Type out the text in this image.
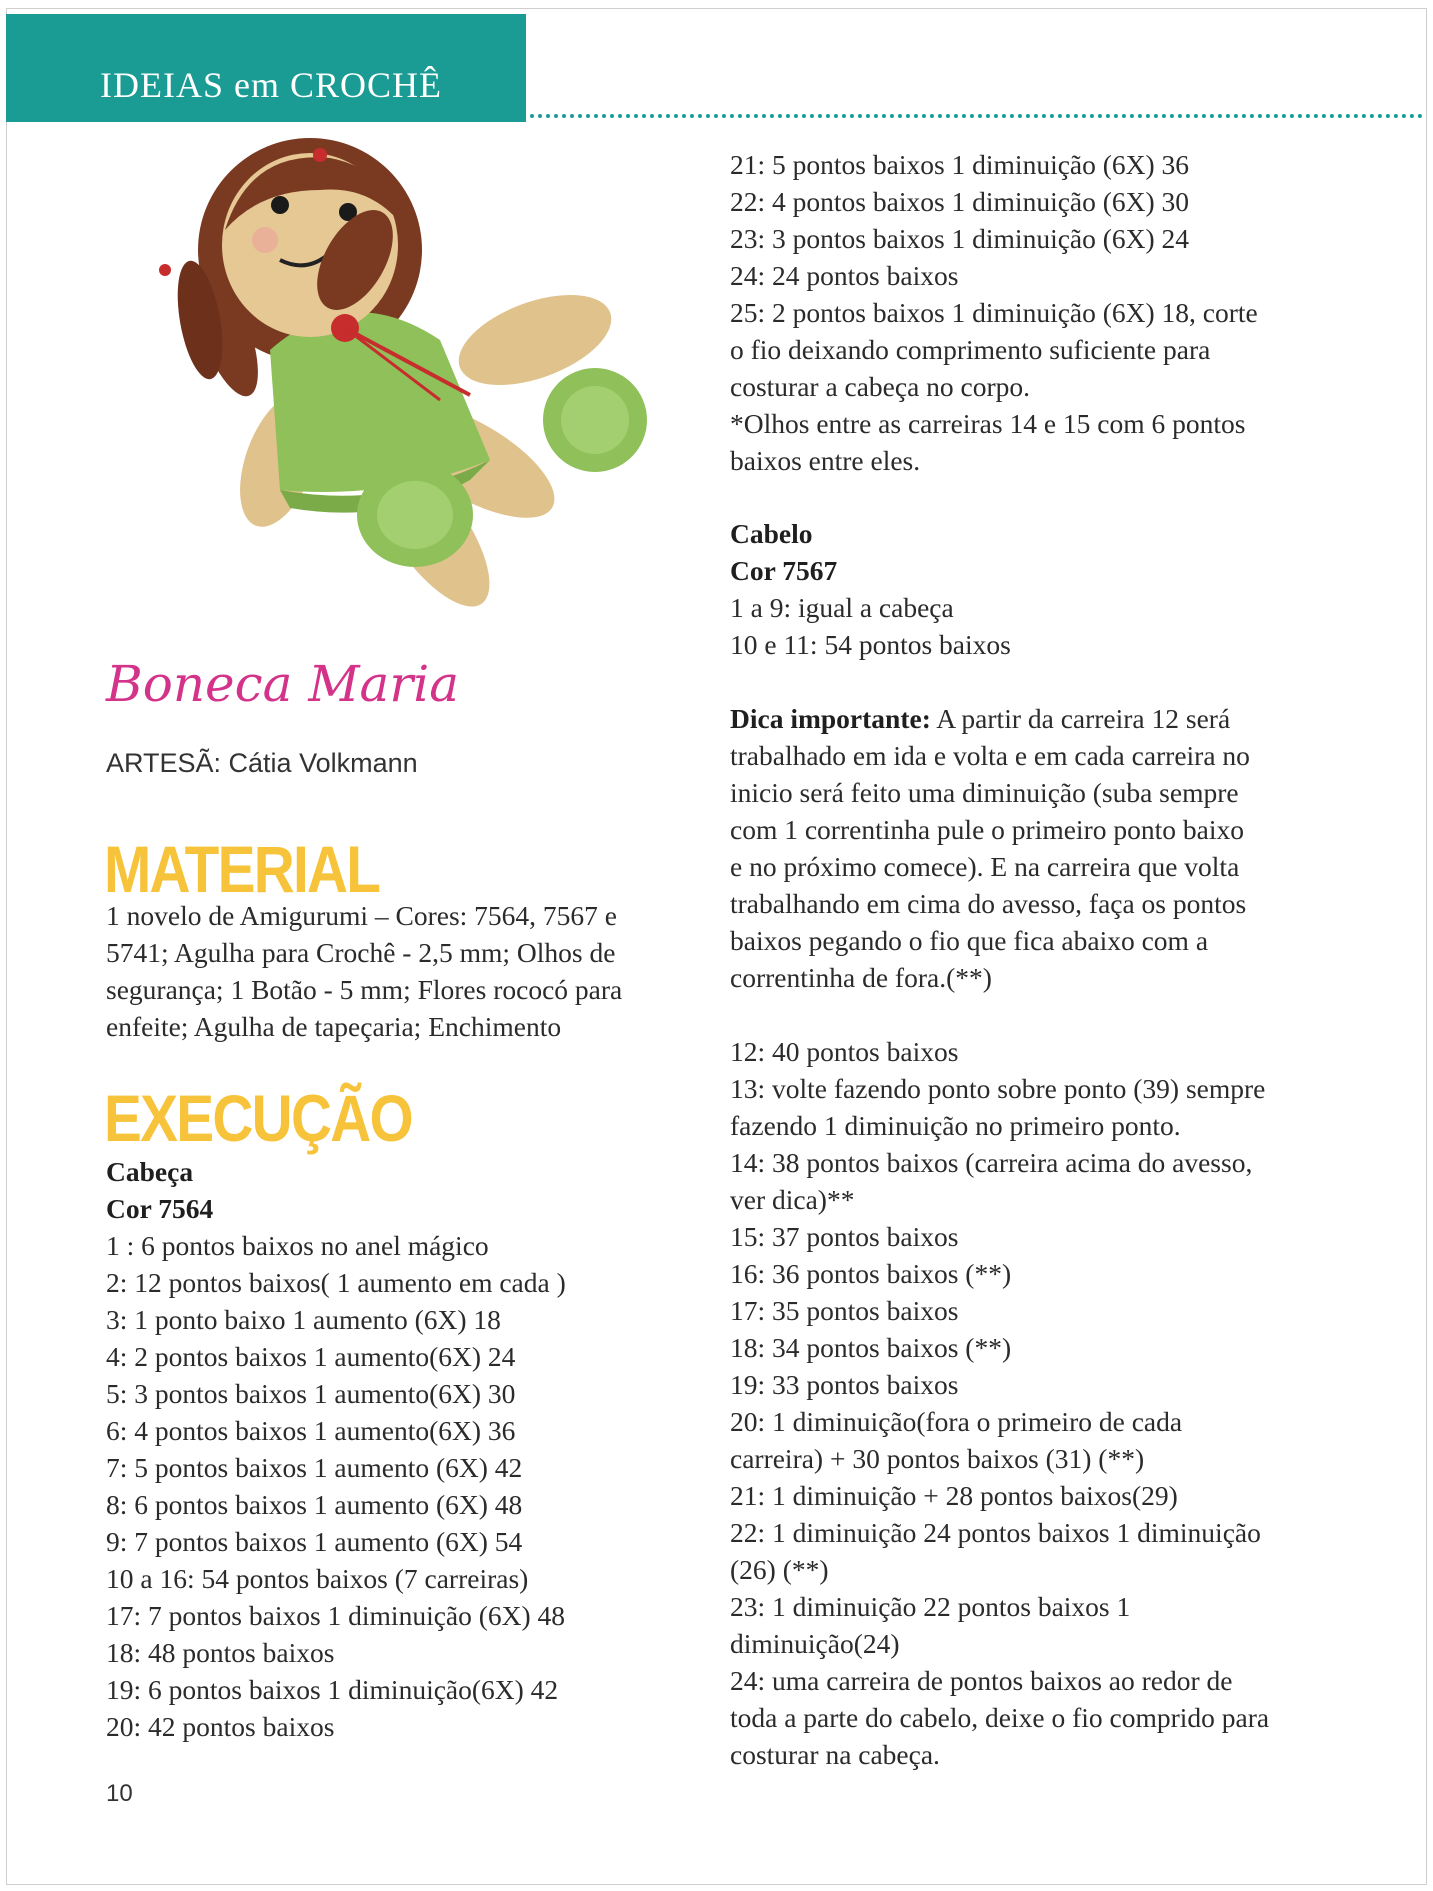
IDEIAS em CROCHÊ
Boneca Maria
ARTESÃ: Cátia Volkmann
MATERIAL

1 novelo de Amigurumi – Cores: 7564, 7567 e

5741; Agulha para Crochê - 2,5 mm; Olhos de

segurança; 1 Botão - 5 mm; Flores rococó para

enfeite; Agulha de tapeçaria; Enchimento

EXECUÇÃO

Cabeça

Cor 7564

1 : 6 pontos baixos no anel mágico

2: 12 pontos baixos( 1 aumento em cada )

3: 1 ponto baixo 1 aumento (6X) 18

4: 2 pontos baixos 1 aumento(6X) 24

5: 3 pontos baixos 1 aumento(6X) 30

6: 4 pontos baixos 1 aumento(6X) 36

7: 5 pontos baixos 1 aumento (6X) 42

8: 6 pontos baixos 1 aumento (6X) 48

9: 7 pontos baixos 1 aumento (6X) 54

10 a 16: 54 pontos baixos (7 carreiras)

17: 7 pontos baixos 1 diminuição (6X) 48

18: 48 pontos baixos

19: 6 pontos baixos 1 diminuição(6X) 42

20: 42 pontos baixos

21: 5 pontos baixos 1 diminuição (6X) 36

22: 4 pontos baixos 1 diminuição (6X) 30

23: 3 pontos baixos 1 diminuição (6X) 24

24: 24 pontos baixos

25: 2 pontos baixos 1 diminuição (6X) 18, corte

o fio deixando comprimento suficiente para

costurar a cabeça no corpo.

*Olhos entre as carreiras 14 e 15 com 6 pontos

baixos entre eles.

Cabelo

Cor 7567

1 a 9: igual a cabeça

10 e 11: 54 pontos baixos

Dica importante: A partir da carreira 12 será

trabalhado em ida e volta e em cada carreira no

inicio será feito uma diminuição (suba sempre

com 1 correntinha pule o primeiro ponto baixo

e no próximo comece). E na carreira que volta

trabalhando em cima do avesso, faça os pontos

baixos pegando o fio que fica abaixo com a

correntinha de fora.(**)

12: 40 pontos baixos

13: volte fazendo ponto sobre ponto (39) sempre

fazendo 1 diminuição no primeiro ponto.

14: 38 pontos baixos (carreira acima do avesso,

ver dica)**

15: 37 pontos baixos

16: 36 pontos baixos (**)

17: 35 pontos baixos

18: 34 pontos baixos (**)

19: 33 pontos baixos

20: 1 diminuição(fora o primeiro de cada

carreira) + 30 pontos baixos (31) (**)

21: 1 diminuição + 28 pontos baixos(29)

22: 1 diminuição 24 pontos baixos 1 diminuição

(26) (**)

23: 1 diminuição 22 pontos baixos 1

diminuição(24)

24: uma carreira de pontos baixos ao redor de

toda a parte do cabelo, deixe o fio comprido para

costurar na cabeça.

10
